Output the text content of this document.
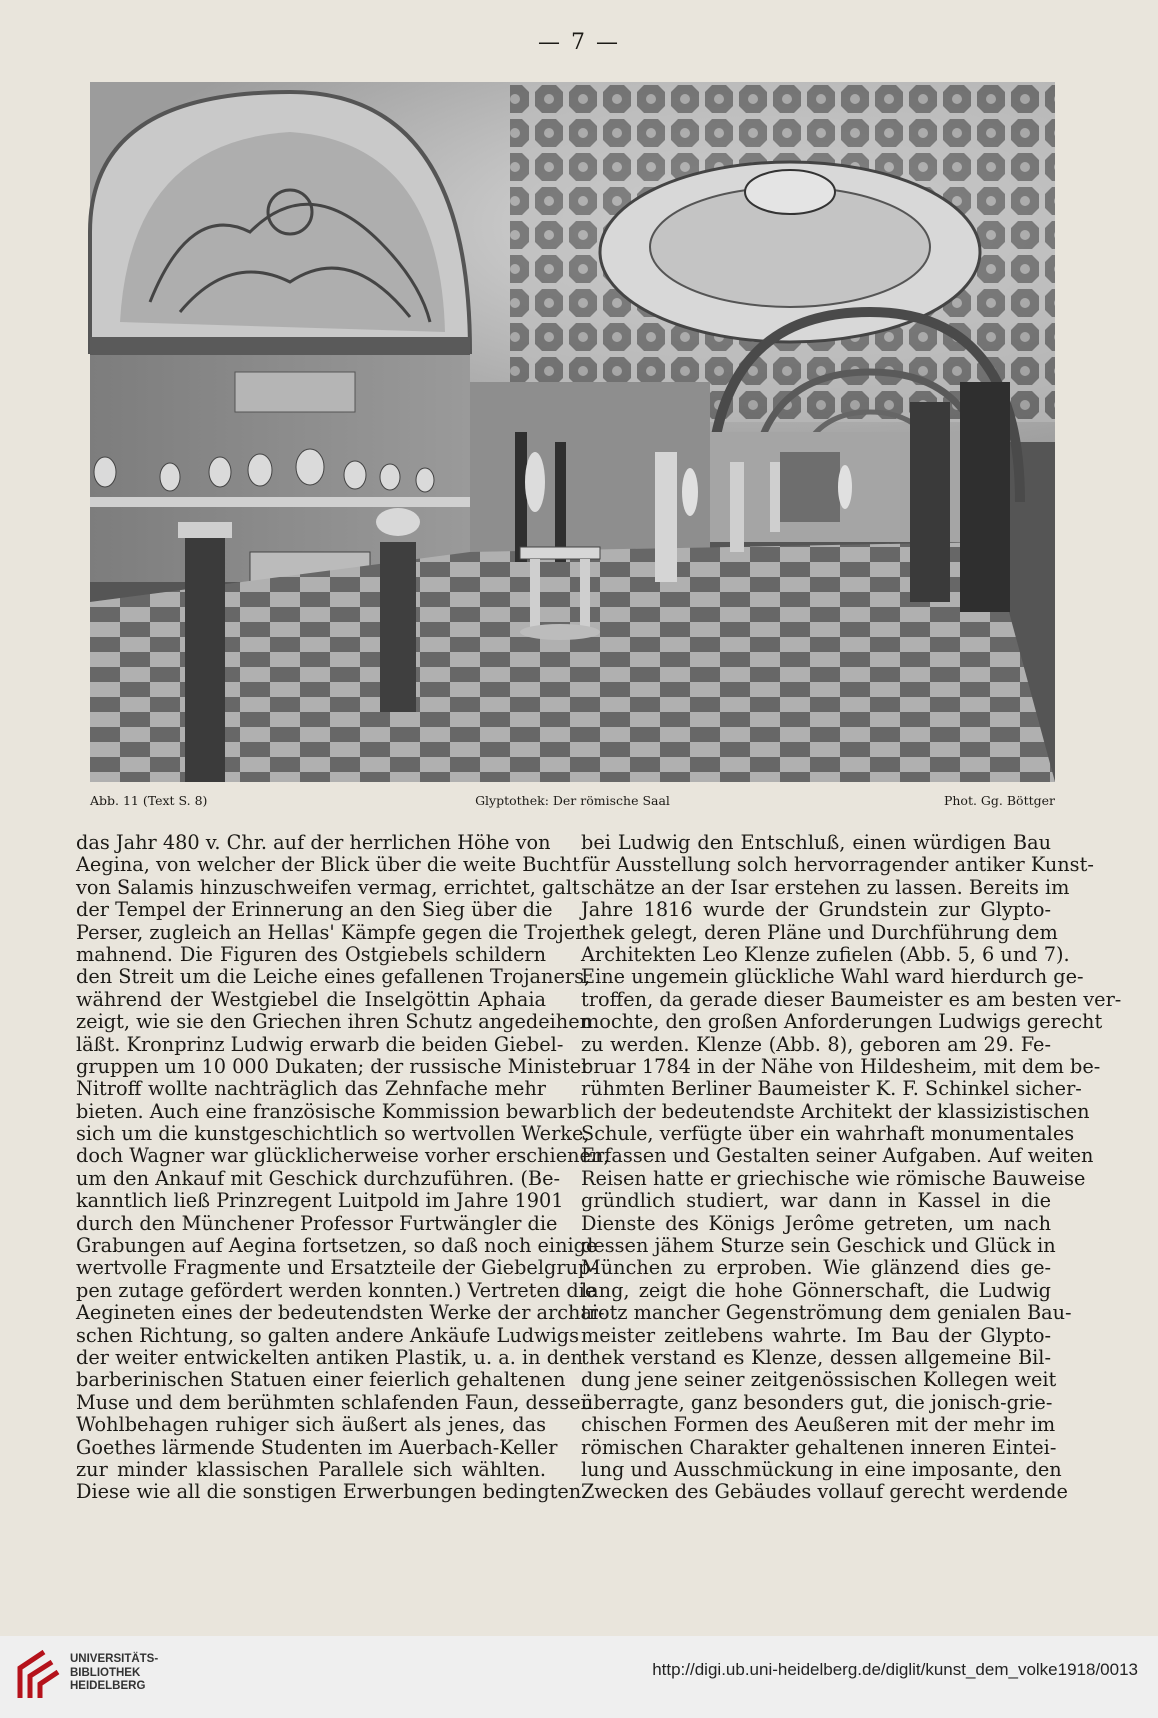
— 7 —
Glyptothek: Der römische Saal
Abb. 11 (Text S. 8)	Phot. Gg. Böttger
das Jahr 480 v. Chr. auf der herrlichen Höhe von
Aegina, von welcher der Blick über die weite Bucht
von Salamis hinzuschweifen vermag, errichtet, galt
der Tempel der Erinnerung an den Sieg über die
Perser, zugleich an Hellas' Kämpfe gegen die Trojer
mahnend. Die Figuren des Ostgiebels schildern
den Streit um die Leiche eines gefallenen Trojaners,
während der Westgiebel die Inselgöttin Aphaia
zeigt, wie sie den Griechen ihren Schutz angedeihen
läßt. Kronprinz Ludwig erwarb die beiden Giebel-
gruppen um 10 000 Dukaten; der russische Minister
Nitroff wollte nachträglich das Zehnfache mehr
bieten. Auch eine französische Kommission bewarb
sich um die kunstgeschichtlich so wertvollen Werke,
doch Wagner war glücklicherweise vorher erschienen,
um den Ankauf mit Geschick durchzuführen. (Be-
kanntlich ließ Prinzregent Luitpold im Jahre 1901
durch den Münchener Professor Furtwängler die
Grabungen auf Aegina fortsetzen, so daß noch einige
wertvolle Fragmente und Ersatzteile der Giebelgrup-
pen zutage gefördert werden konnten.) Vertreten die
Aegineten eines der bedeutendsten Werke der archai-
schen Richtung, so galten andere Ankäufe Ludwigs
der weiter entwickelten antiken Plastik, u. a. in den
barberinischen Statuen einer feierlich gehaltenen
Muse und dem berühmten schlafenden Faun, dessen
Wohlbehagen ruhiger sich äußert als jenes, das
Goethes lärmende Studenten im Auerbach-Keller
zur minder klassischen Parallele sich wählten.
Diese wie all die sonstigen Erwerbungen bedingten
bei Ludwig den Entschluß, einen würdigen Bau
für Ausstellung solch hervorragender antiker Kunst-
schätze an der Isar erstehen zu lassen. Bereits im
Jahre 1816 wurde der Grundstein zur Glypto-
thek gelegt, deren Pläne und Durchführung dem
Architekten Leo Klenze zufielen (Abb. 5, 6 und 7).
Eine ungemein glückliche Wahl ward hierdurch ge-
troffen, da gerade dieser Baumeister es am besten ver-
mochte, den großen Anforderungen Ludwigs gerecht
zu werden. Klenze (Abb. 8), geboren am 29. Fe-
bruar 1784 in der Nähe von Hildesheim, mit dem be-
rühmten Berliner Baumeister K. F. Schinkel sicher-
lich der bedeutendste Architekt der klassizistischen
Schule, verfügte über ein wahrhaft monumentales
Erfassen und Gestalten seiner Aufgaben. Auf weiten
Reisen hatte er griechische wie römische Bauweise
gründlich studiert, war dann in Kassel in die
Dienste des Königs Jerôme getreten, um nach
dessen jähem Sturze sein Geschick und Glück in
München zu erproben. Wie glänzend dies ge-
lang, zeigt die hohe Gönnerschaft, die Ludwig
trotz mancher Gegenströmung dem genialen Bau-
meister zeitlebens wahrte. Im Bau der Glypto-
thek verstand es Klenze, dessen allgemeine Bil-
dung jene seiner zeitgenössischen Kollegen weit
überragte, ganz besonders gut, die jonisch-grie-
chischen Formen des Aeußeren mit der mehr im
römischen Charakter gehaltenen inneren Eintei-
lung und Ausschmückung in eine imposante, den
Zwecken des Gebäudes vollauf gerecht werdende
UNIVERSITÄTS-
BIBLIOTHEK
HEIDELBERG
http://digi.ub.uni-heidelberg.de/diglit/kunst_dem_volke1918/0013
